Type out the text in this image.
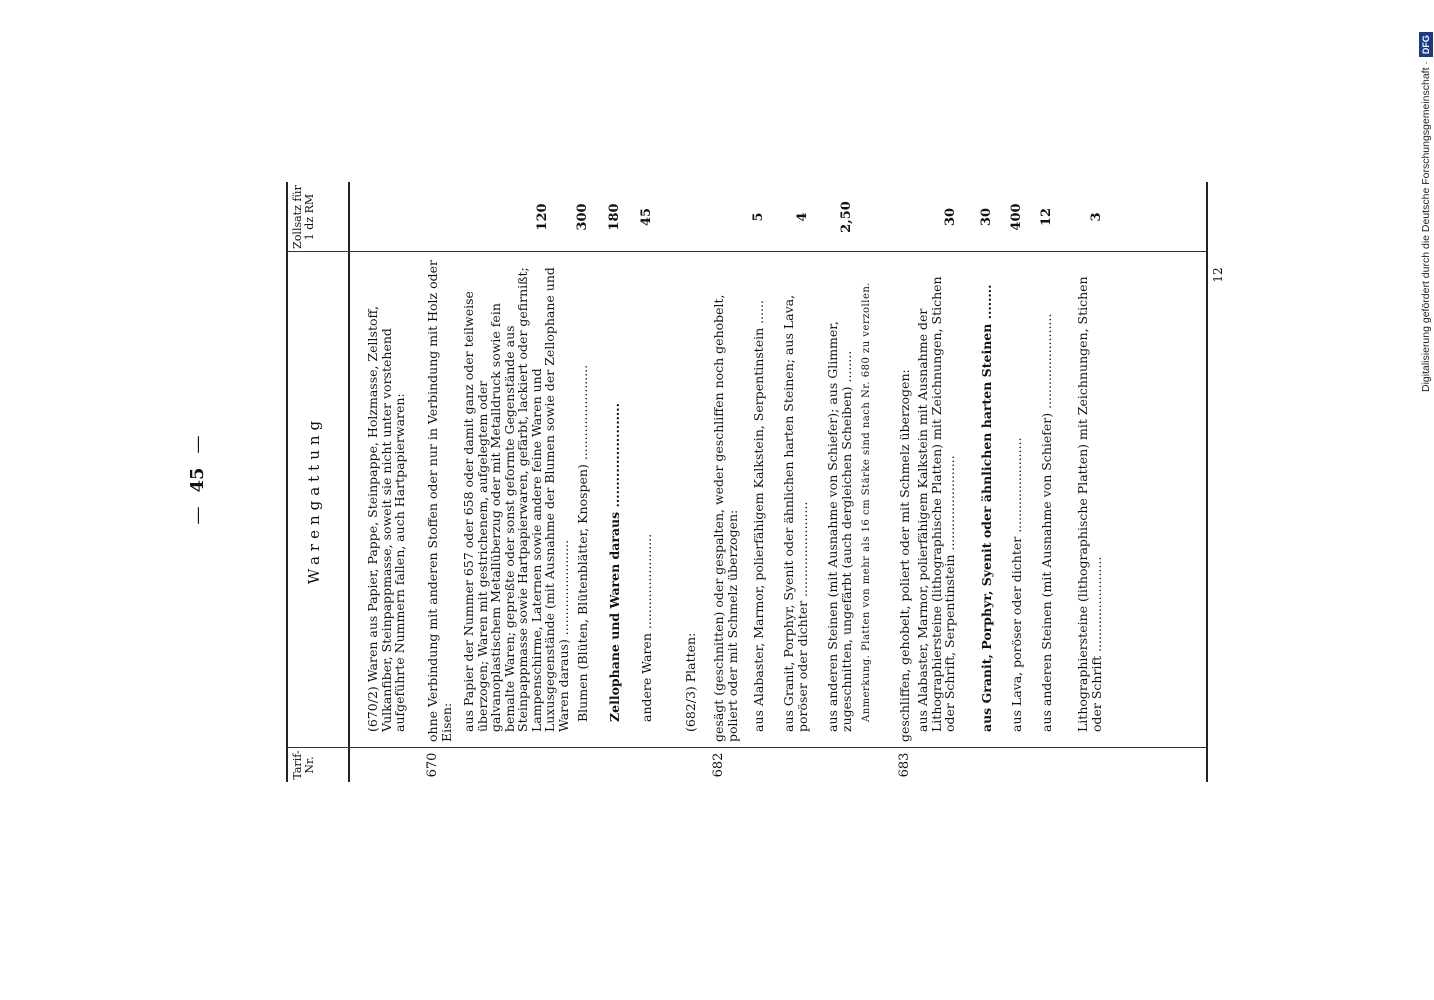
—
45
—
Tarif-Nr.
Warengattung
Zollsatz für 1 dz RM
(670/2) Waren aus Papier, Pappe, Steinpappe, Holzmasse, Zellstoff, Vulkanfiber, Steinpappmasse, soweit sie nicht unter vorstehend aufgeführte Nummern fallen, auch Hartpapierwaren:
670
ohne Verbindung mit anderen Stoffen oder nur in Verbindung mit Holz oder Eisen: aus Papier der Nummer 657 oder 658 oder damit ganz oder teilweise überzogen; Waren mit gestrichenem, aufgelegtem oder galvanoplastischem Metallüberzug oder mit Metalldruck sowie fein bemalte Waren; gepreßte oder sonst geformte Gegenstände aus Steinpappmasse sowie Hartpapierwaren, gefärbt, lackiert oder gefirnißt; Lampenschirme, Laternen sowie andere feine Waren und Luxusgegenstände (mit Ausnahme der Blumen sowie der Zellophane und Waren daraus) ........................
120
Blumen (Blüten, Blütenblätter, Knospen) ........................
300
Zellophane und Waren daraus ........................
180
andere Waren ........................
45
(682/3) Platten:
682
gesägt (geschnitten) oder gespalten, weder geschliffen noch gehobelt, poliert oder mit Schmelz überzogen: aus Alabaster, Marmor, polierfähigem Kalkstein, Serpentinstein ......
5
aus Granit, Porphyr, Syenit oder ähnlichen harten Steinen; aus Lava, poröser oder dichter ........................
4
aus anderen Steinen (mit Ausnahme von Schiefer); aus Glimmer, zugeschnitten, ungefärbt (auch dergleichen Scheiben) ........
2,50
Anmerkung. Platten von mehr als 16 cm Stärke sind nach Nr. 680 zu verzollen.
683
geschliffen, gehobelt, poliert oder mit Schmelz überzogen: aus Alabaster, Marmor, polierfähigem Kalkstein mit Ausnahme der Lithographiersteine (lithographische Platten) mit Zeichnungen, Stichen oder Schrift, Serpentinstein ........................
30
aus Granit, Porphyr, Syenit oder ähnlichen harten Steinen ........
30
aus Lava, poröser oder dichter ........................
400
aus anderen Steinen (mit Ausnahme von Schiefer) ........................
12
Lithographiersteine (lithographische Platten) mit Zeichnungen, Stichen oder Schrift ........................
3
12	Digitalisierung gefördert durch die Deutsche Forschungsgemeinschaft ·
DFG
